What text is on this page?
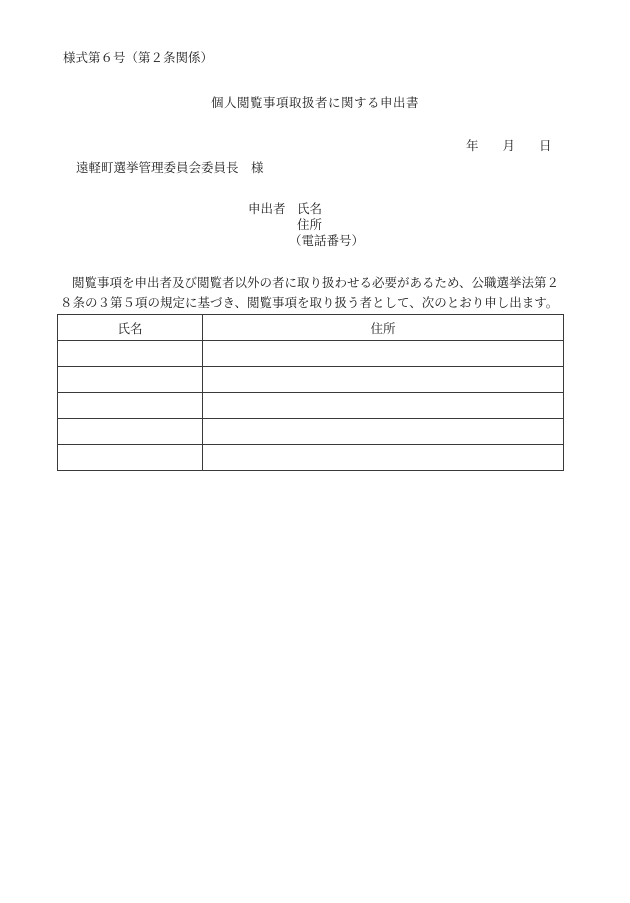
様式第６号（第２条関係）
個人閲覧事項取扱者に関する申出書
年 月 日
遠軽町選挙管理委員会委員長　様
申出者 氏名
住所
（電話番号）
閲覧事項を申出者及び閲覧者以外の者に取り扱わせる必要があるため、公職選挙法第２
８条の３第５項の規定に基づき、閲覧事項を取り扱う者として、次のとおり申し出ます。
氏名	住所
